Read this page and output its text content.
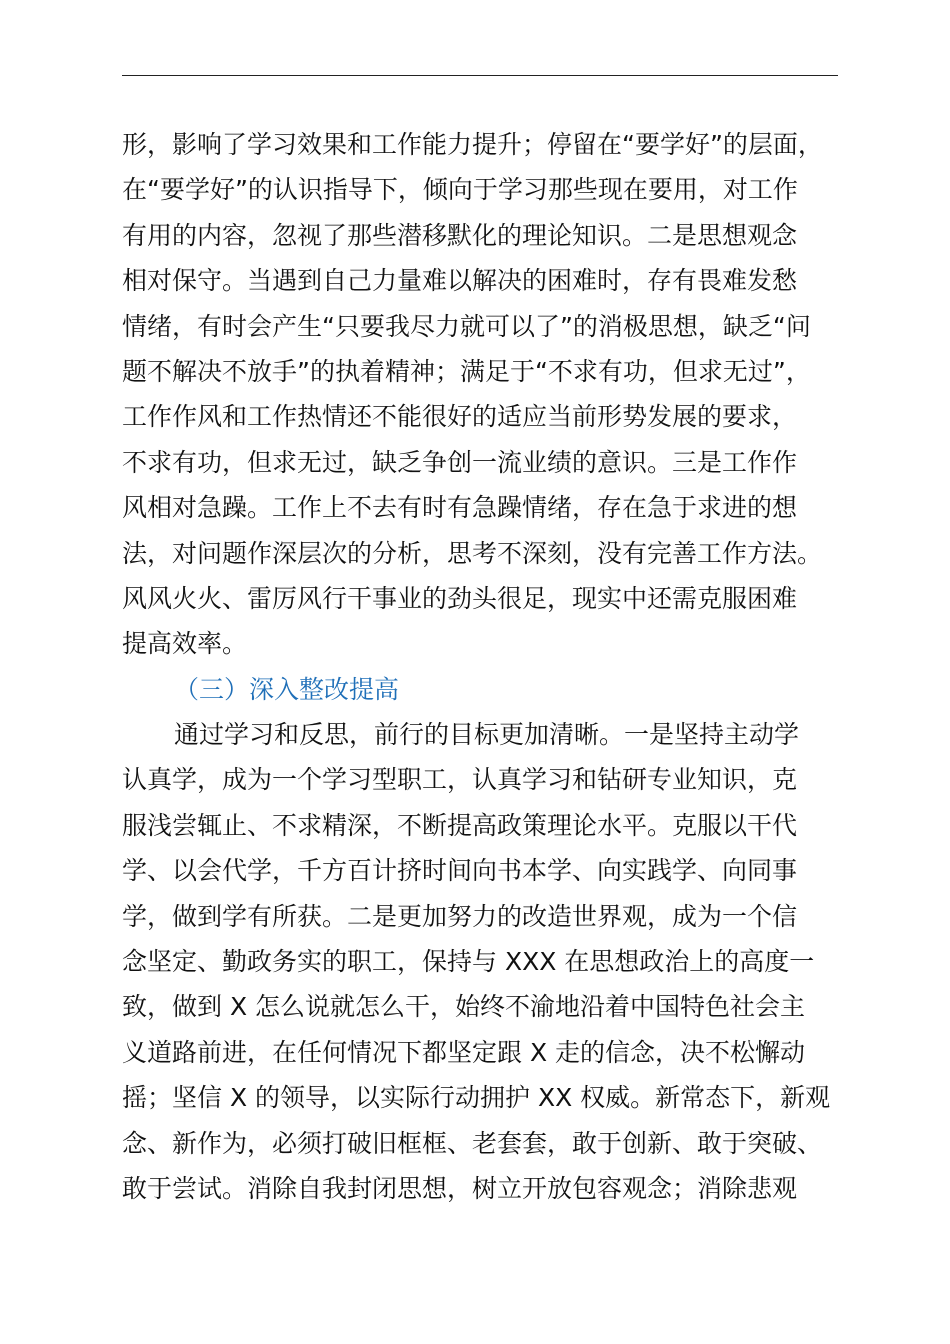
形，影响了学习效果和工作能力提升；停留在“要学好”的层面，
在“要学好”的认识指导下，倾向于学习那些现在要用，对工作
有用的内容，忽视了那些潜移默化的理论知识。二是思想观念
相对保守。当遇到自己力量难以解决的困难时，存有畏难发愁
情绪，有时会产生“只要我尽力就可以了”的消极思想，缺乏“问
题不解决不放手”的执着精神；满足于“不求有功，但求无过”，
工作作风和工作热情还不能很好的适应当前形势发展的要求，
不求有功，但求无过，缺乏争创一流业绩的意识。三是工作作
风相对急躁。工作上不去有时有急躁情绪，存在急于求进的想
法，对问题作深层次的分析，思考不深刻，没有完善工作方法。
风风火火、雷厉风行干事业的劲头很足，现实中还需克服困难
提高效率。
（三）深入整改提高
通过学习和反思，前行的目标更加清晰。一是坚持主动学
认真学，成为一个学习型职工，认真学习和钻研专业知识，克
服浅尝辄止、不求精深，不断提高政策理论水平。克服以干代
学、以会代学，千方百计挤时间向书本学、向实践学、向同事
学，做到学有所获。二是更加努力的改造世界观，成为一个信
念坚定、勤政务实的职工，保持与 XXX 在思想政治上的高度一
致，做到 X 怎么说就怎么干，始终不渝地沿着中国特色社会主
义道路前进，在任何情况下都坚定跟 X 走的信念，决不松懈动
摇；坚信 X 的领导，以实际行动拥护 XX 权威。新常态下，新观
念、新作为，必须打破旧框框、老套套，敢于创新、敢于突破、
敢于尝试。消除自我封闭思想，树立开放包容观念；消除悲观
